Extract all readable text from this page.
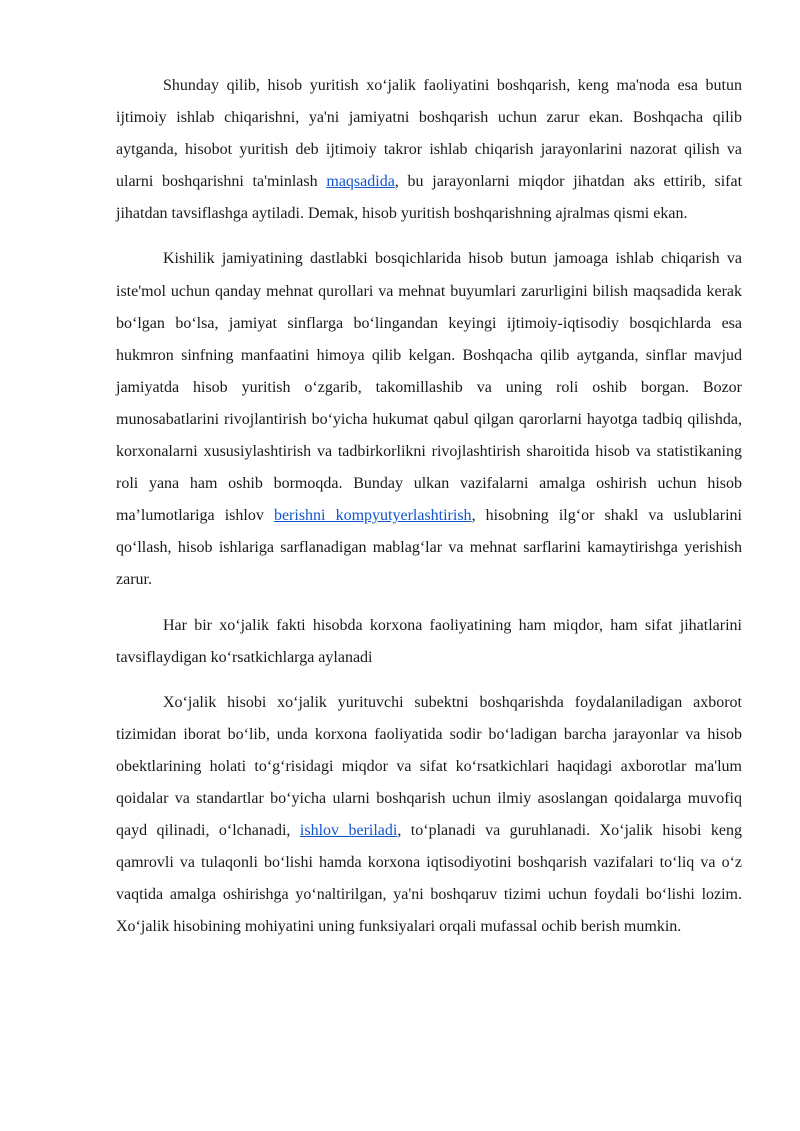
Shunday qilib, hisob yuritish xo‘jalik faoliyatini boshqarish, keng ma'noda esa butun ijtimoiy ishlab chiqarishni, ya'ni jamiyatni boshqarish uchun zarur ekan. Boshqacha qilib aytganda, hisobot yuritish deb ijtimoiy takror ishlab chiqarish jarayonlarini nazorat qilish va ularni boshqarishni ta'minlash maqsadida, bu jarayonlarni miqdor jihatdan aks ettirib, sifat jihatdan tavsiflashga aytiladi. Demak, hisob yuritish boshqarishning ajralmas qismi ekan.

Kishilik jamiyatining dastlabki bosqichlarida hisob butun jamoaga ishlab chiqarish va iste'mol uchun qanday mehnat qurollari va mehnat buyumlari zarurligini bilish maqsadida kerak bo‘lgan bo‘lsa, jamiyat sinflarga bo‘lingandan keyingi ijtimoiy-iqtisodiy bosqichlarda esa hukmron sinfning manfaatini himoya qilib kelgan. Boshqacha qilib aytganda, sinflar mavjud jamiyatda hisob yuritish o‘zgarib, takomillashib va uning roli oshib borgan. Bozor munosabatlarini rivojlantirish bo‘yicha hukumat qabul qilgan qarorlarni hayotga tadbiq qilishda, korxonalarni xususiylashtirish va tadbirkorlikni rivojlashtirish sharoitida hisob va statistikaning roli yana ham oshib bormoqda. Bunday ulkan vazifalarni amalga oshirish uchun hisob ma’lumotlariga ishlov berishni kompyutyerlashtirish, hisobning ilg‘or shakl va uslublarini qo‘llash, hisob ishlariga sarflanadigan mablag‘lar va mehnat sarflarini kamaytirishga yerishish zarur.

Har bir xo‘jalik fakti hisobda korxona faoliyatining ham miqdor, ham sifat jihatlarini tavsiflaydigan ko‘rsatkichlarga aylanadi

Xo‘jalik hisobi xo‘jalik yurituvchi subektni boshqarishda foydalaniladigan axborot tizimidan iborat bo‘lib, unda korxona faoliyatida sodir bo‘ladigan barcha jarayonlar va hisob obektlarining holati to‘g‘risidagi miqdor va sifat ko‘rsatkichlari haqidagi axborotlar ma'lum qoidalar va standartlar bo‘yicha ularni boshqarish uchun ilmiy asoslangan qoidalarga muvofiq qayd qilinadi, o‘lchanadi, ishlov beriladi, to‘planadi va guruhlanadi. Xo‘jalik hisobi keng qamrovli va tulaqonli bo‘lishi hamda korxona iqtisodiyotini boshqarish vazifalari to‘liq va o‘z vaqtida amalga oshirishga yo‘naltirilgan, ya'ni boshqaruv tizimi uchun foydali bo‘lishi lozim. Xo‘jalik hisobining mohiyatini uning funksiyalari orqali mufassal ochib berish mumkin.
